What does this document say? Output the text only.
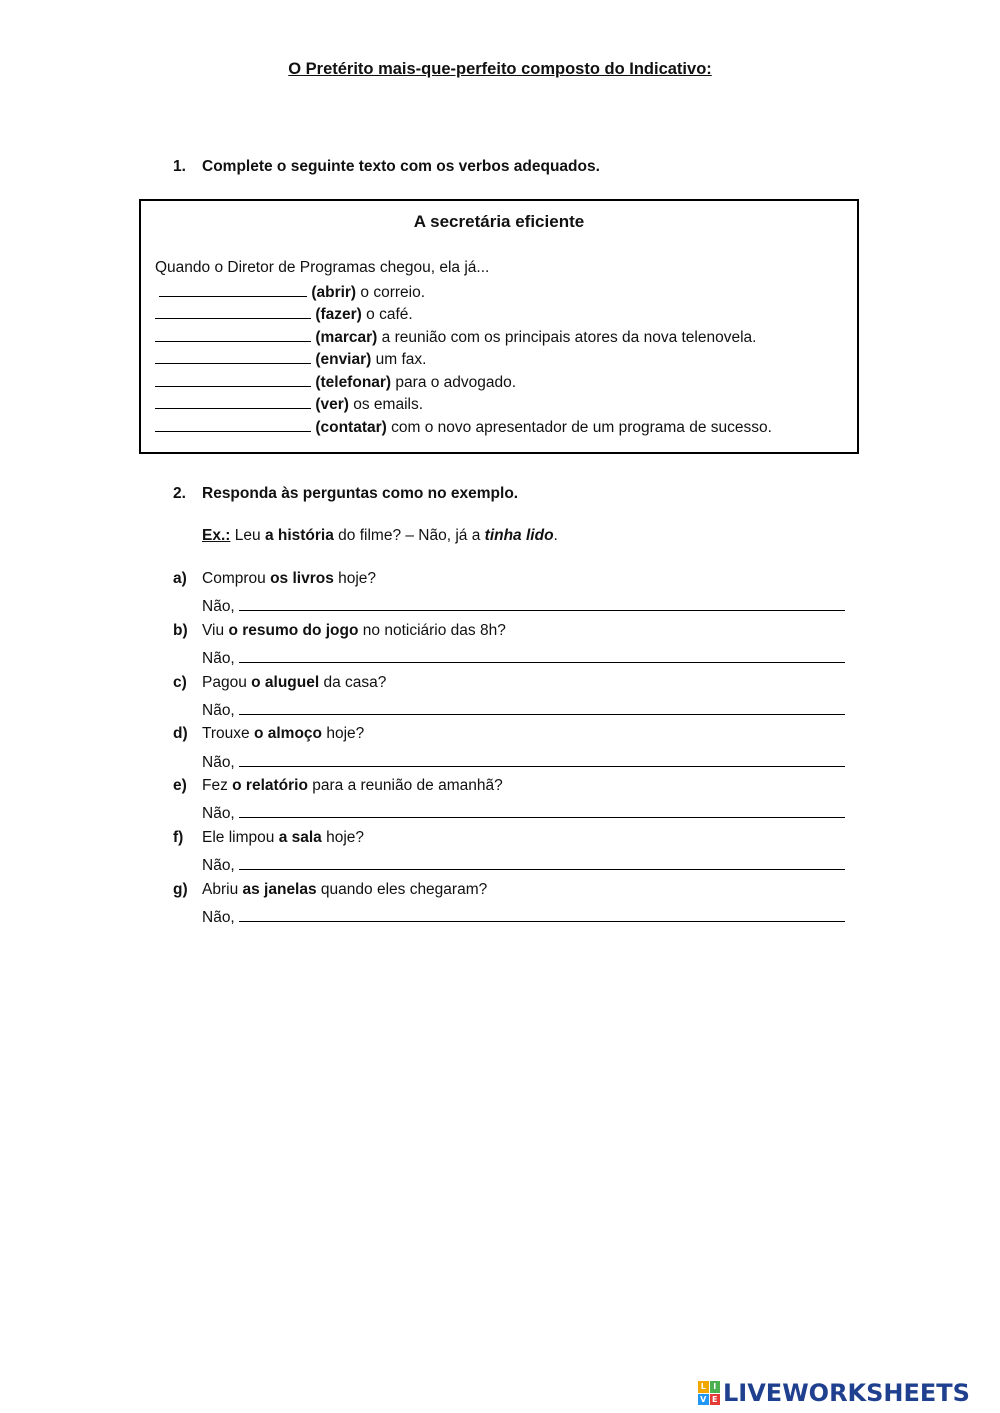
O Pretérito mais-que-perfeito composto do Indicativo:
1. Complete o seguinte texto com os verbos adequados.
A secretária eficiente
Quando o Diretor de Programas chegou, ela já...
(abrir) o correio.
(fazer) o café.
(marcar) a reunião com os principais atores da nova telenovela.
(enviar) um fax.
(telefonar) para o advogado.
(ver) os emails.
(contatar) com o novo apresentador de um programa de sucesso.
2. Responda às perguntas como no exemplo.
Ex.: Leu a história do filme? – Não, já a tinha lido.
a) Comprou os livros hoje?
Não,
b) Viu o resumo do jogo no noticiário das 8h?
Não,
c) Pagou o aluguel da casa?
Não,
d) Trouxe o almoço hoje?
Não,
e) Fez o relatório para a reunião de amanhã?
Não,
f) Ele limpou a sala hoje?
Não,
g) Abriu as janelas quando eles chegaram?
Não,
L I
V E LIVEWORKSHEETS
